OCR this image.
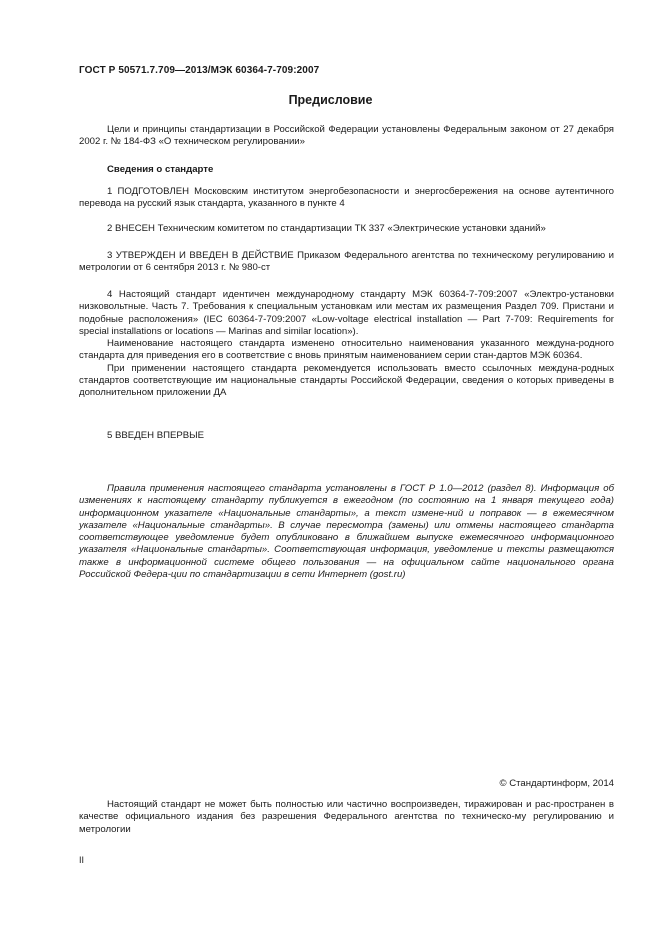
ГОСТ Р 50571.7.709—2013/МЭК 60364-7-709:2007
Предисловие

Цели и принципы стандартизации в Российской Федерации установлены Федеральным законом от 27 декабря 2002 г. № 184-ФЗ «О техническом регулировании»

Сведения о стандарте

1 ПОДГОТОВЛЕН Московским институтом энергобезопасности и энергосбережения на основе аутентичного перевода на русский язык стандарта, указанного в пункте 4

2 ВНЕСЕН Техническим комитетом по стандартизации ТК 337 «Электрические установки зданий»

3 УТВЕРЖДЕН И ВВЕДЕН В ДЕЙСТВИЕ Приказом Федерального агентства по техническому регулированию и метрологии от 6 сентября 2013 г. № 980-ст

4 Настоящий стандарт идентичен международному стандарту МЭК 60364-7-709:2007 «Электро-установки низковольтные. Часть 7. Требования к специальным установкам или местам их размещения Раздел 709. Пристани и подобные расположения» (IEC 60364-7-709:2007 «Low-voltage electrical installation — Part 7-709: Requirements for special installations or locations — Marinas and similar location»).

Наименование настоящего стандарта изменено относительно наименования указанного междуна-родного стандарта для приведения его в соответствие с вновь принятым наименованием серии стан-дартов МЭК 60364.

При применении настоящего стандарта рекомендуется использовать вместо ссылочных междуна-родных стандартов соответствующие им национальные стандарты Российской Федерации, сведения о которых приведены в дополнительном приложении ДА

5 ВВЕДЕН ВПЕРВЫЕ

Правила применения настоящего стандарта установлены в ГОСТ Р 1.0—2012 (раздел 8). Информация об изменениях к настоящему стандарту публикуется в ежегодном (по состоянию на 1 января текущего года) информационном указателе «Национальные стандарты», а текст измене-ний и поправок — в ежемесячном указателе «Национальные стандарты». В случае пересмотра (замены) или отмены настоящего стандарта соответствующее уведомление будет опубликовано в ближайшем выпуске ежемесячного информационного указателя «Национальные стандарты». Соответствующая информация, уведомление и тексты размещаются также в информационной системе общего пользования — на официальном сайте национального органа Российской Федера-ции по стандартизации в сети Интернет (gost.ru)

© Стандартинформ, 2014

Настоящий стандарт не может быть полностью или частично воспроизведен, тиражирован и рас-пространен в качестве официального издания без разрешения Федерального агентства по техническо-му регулированию и метрологии

II
